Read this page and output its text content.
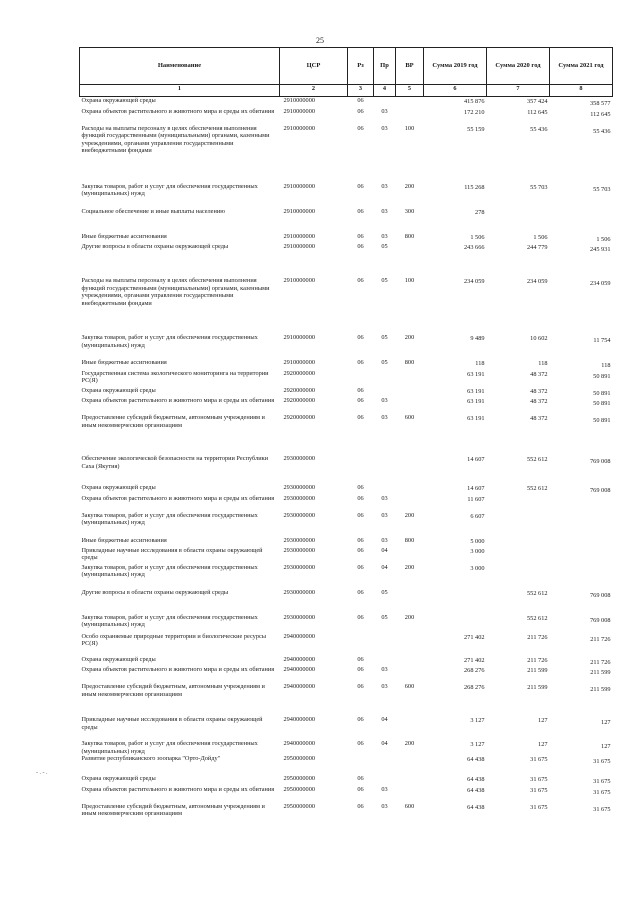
25
Наименование	ЦСР	Рз	Пр	ВР	Сумма 2019 год	Сумма 2020 год	Сумма 2021 год
1	2	3	4	5	6	7	8
Охрана окружающей среды	2910000000	06			415 876	357 424	358 577
Охрана объектов растительного и животного мира и среды их обитания	2910000000	06	03		172 210	112 645	112 645
Расходы на выплаты персоналу в целях обеспечения выполнения функций государственными (муниципальными) органами, казенными учреждениями, органами управления государственными внебюджетными фондами	2910000000	06	03	100	55 159	55 436	55 436
Закупка товаров, работ и услуг для обеспечения государственных (муниципальных) нужд	2910000000	06	03	200	115 268	55 703	55 703
Социальное обеспечение и иные выплаты населению	2910000000	06	03	300	278		
Иные бюджетные ассигнования	2910000000	06	03	800	1 506	1 506	1 506
Другие вопросы в области охраны окружающей среды	2910000000	06	05		243 666	244 779	245 931
Расходы на выплаты персоналу в целях обеспечения выполнения функций государственными (муниципальными) органами, казенными учреждениями, органами управления государственными внебюджетными фондами	2910000000	06	05	100	234 059	234 059	234 059
Закупка товаров, работ и услуг для обеспечения государственных (муниципальных) нужд	2910000000	06	05	200	9 489	10 602	11 754
Иные бюджетные ассигнования	2910000000	06	05	800	118	118	118
Государственная система экологического мониторинга на территории РС(Я)	2920000000				63 191	48 372	50 891
Охрана окружающей среды	2920000000	06			63 191	48 372	50 891
Охрана объектов растительного и животного мира и среды их обитания	2920000000	06	03		63 191	48 372	50 891
Предоставление субсидий бюджетным, автономным учреждениям и иным некоммерческим организациям	2920000000	06	03	600	63 191	48 372	50 891
Обеспечение экологической безопасности на территории Республики Саха (Якутия)	2930000000				14 607	552 612	769 008
Охрана окружающей среды	2930000000	06			14 607	552 612	769 008
Охрана объектов растительного и животного мира и среды их обитания	2930000000	06	03		11 607		
Закупка товаров, работ и услуг для обеспечения государственных (муниципальных) нужд	2930000000	06	03	200	6 607		
Иные бюджетные ассигнования	2930000000	06	03	800	5 000		
Прикладные научные исследования в области охраны окружающей среды	2930000000	06	04		3 000		
Закупка товаров, работ и услуг для обеспечения государственных (муниципальных) нужд	2930000000	06	04	200	3 000		
Другие вопросы в области охраны окружающей среды	2930000000	06	05			552 612	769 008
Закупка товаров, работ и услуг для обеспечения государственных (муниципальных) нужд	2930000000	06	05	200		552 612	769 008
Особо охраняемые природные территории и биологические ресурсы РС(Я)	2940000000				271 402	211 726	211 726
Охрана окружающей среды	2940000000	06			271 402	211 726	211 726
Охрана объектов растительного и животного мира и среды их обитания	2940000000	06	03		268 276	211 599	211 599
Предоставление субсидий бюджетным, автономным учреждениям и иным некоммерческим организациям	2940000000	06	03	600	268 276	211 599	211 599
Прикладные научные исследования в области охраны окружающей среды	2940000000	06	04		3 127	127	127
Закупка товаров, работ и услуг для обеспечения государственных (муниципальных) нужд	2940000000	06	04	200	3 127	127	127
Развитие республиканского зоопарка "Орто-Дойду"	2950000000				64 438	31 675	31 675
Охрана окружающей среды	2950000000	06			64 438	31 675	31 675
Охрана объектов растительного и животного мира и среды их обитания	2950000000	06	03		64 438	31 675	31 675
Предоставление субсидий бюджетным, автономным учреждениям и иным некоммерческим организациям	2950000000	06	03	600	64 438	31 675	31 675
- . - .
